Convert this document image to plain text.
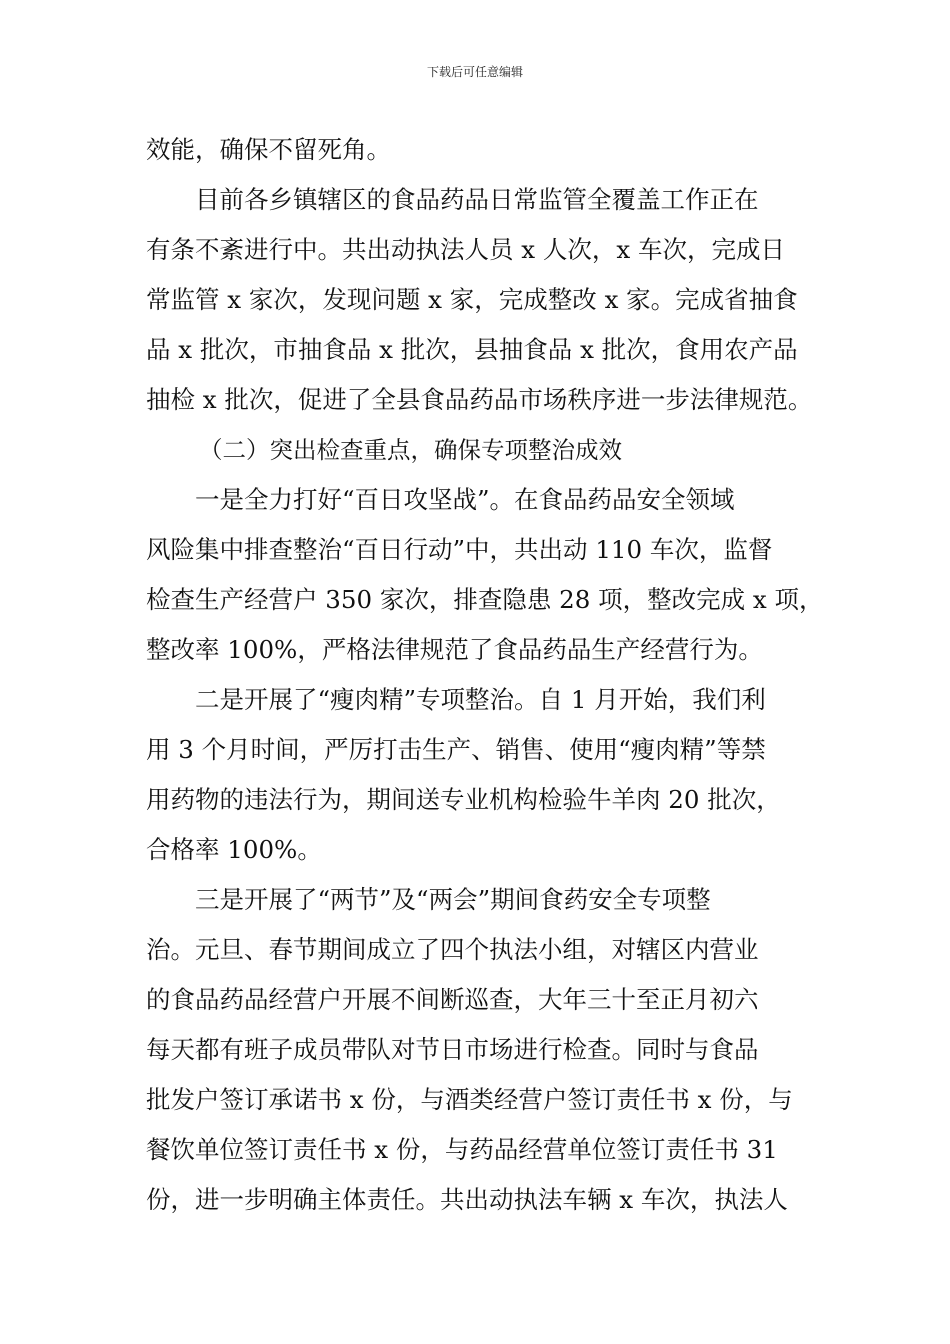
下载后可任意编辑
效能，确保不留死角。
目前各乡镇辖区的食品药品日常监管全覆盖工作正在
有条不紊进行中。共出动执法人员 x 人次，x 车次，完成日
常监管 x 家次，发现问题 x 家，完成整改 x 家。完成省抽食
品 x 批次，市抽食品 x 批次，县抽食品 x 批次，食用农产品
抽检 x 批次，促进了全县食品药品市场秩序进一步法律规范。
（二）突出检查重点，确保专项整治成效
一是全力打好“百日攻坚战”。在食品药品安全领域
风险集中排查整治“百日行动”中，共出动 110 车次，监督
检查生产经营户 350 家次，排查隐患 28 项，整改完成 x 项，
整改率 100%，严格法律规范了食品药品生产经营行为。
二是开展了“瘦肉精”专项整治。自 1 月开始，我们利
用 3 个月时间，严厉打击生产、销售、使用“瘦肉精”等禁
用药物的违法行为，期间送专业机构检验牛羊肉 20 批次，
合格率 100%。
三是开展了“两节”及“两会”期间食药安全专项整
治。元旦、春节期间成立了四个执法小组，对辖区内营业
的食品药品经营户开展不间断巡查，大年三十至正月初六
每天都有班子成员带队对节日市场进行检查。同时与食品
批发户签订承诺书 x 份，与酒类经营户签订责任书 x 份，与
餐饮单位签订责任书 x 份，与药品经营单位签订责任书 31
份，进一步明确主体责任。共出动执法车辆 x 车次，执法人
